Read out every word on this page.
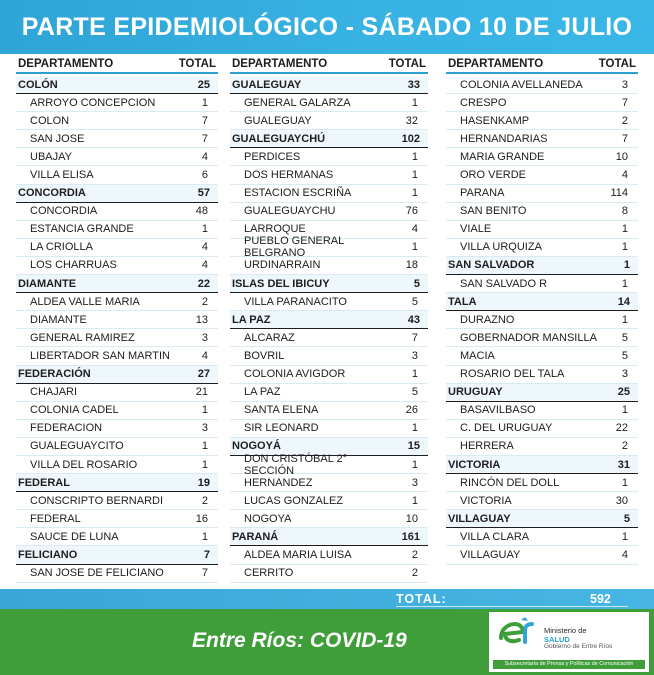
PARTE EPIDEMIOLÓGICO - SÁBADO 10 DE JULIO
DEPARTAMENTO	TOTAL
COLÓN	25
ARROYO CONCEPCION	1
COLON	7
SAN JOSE	7
UBAJAY	4
VILLA ELISA	6
CONCORDIA	57
CONCORDIA	48
ESTANCIA GRANDE	1
LA CRIOLLA	4
LOS CHARRUAS	4
DIAMANTE	22
ALDEA VALLE MARIA	2
DIAMANTE	13
GENERAL RAMIREZ	3
LIBERTADOR SAN MARTIN	4
FEDERACIÓN	27
CHAJARI	21
COLONIA CADEL	1
FEDERACION	3
GUALEGUAYCITO	1
VILLA DEL ROSARIO	1
FEDERAL	19
CONSCRIPTO BERNARDI	2
FEDERAL	16
SAUCE DE LUNA	1
FELICIANO	7
SAN JOSE DE FELICIANO	7
DEPARTAMENTO	TOTAL
GUALEGUAY	33
GENERAL GALARZA	1
GUALEGUAY	32
GUALEGUAYCHÚ	102
PERDICES	1
DOS HERMANAS	1
ESTACION ESCRIÑA	1
GUALEGUAYCHU	76
LARROQUE	4
PUEBLO GENERAL BELGRANO	1
URDINARRAIN	18
ISLAS DEL IBICUY	5
VILLA PARANACITO	5
LA PAZ	43
ALCARAZ	7
BOVRIL	3
COLONIA AVIGDOR	1
LA PAZ	5
SANTA ELENA	26
SIR LEONARD	1
NOGOYÁ	15
DON CRISTÓBAL 2° SECCIÓN	1
HERNANDEZ	3
LUCAS GONZALEZ	1
NOGOYA	10
PARANÁ	161
ALDEA MARIA LUISA	2
CERRITO	2
DEPARTAMENTO	TOTAL
COLONIA AVELLANEDA	3
CRESPO	7
HASENKAMP	2
HERNANDARIAS	7
MARIA GRANDE	10
ORO VERDE	4
PARANA	114
SAN BENITO	8
VIALE	1
VILLA URQUIZA	1
SAN SALVADOR	1
SAN SALVADO R	1
TALA	14
DURAZNO	1
GOBERNADOR MANSILLA	5
MACIA	5
ROSARIO DEL TALA	3
URUGUAY	25
BASAVILBASO	1
C. DEL URUGUAY	22
HERRERA	2
VICTORIA	31
RINCÓN DEL DOLL	1
VICTORIA	30
VILLAGUAY	5
VILLA CLARA	1
VILLAGUAY	4
TOTAL:	592
Entre Ríos: COVID-19	Ministerio de
SALUD
Gobierno de Entre Ríos
Subsecretaría de Prensa y Políticas de Comunicación
